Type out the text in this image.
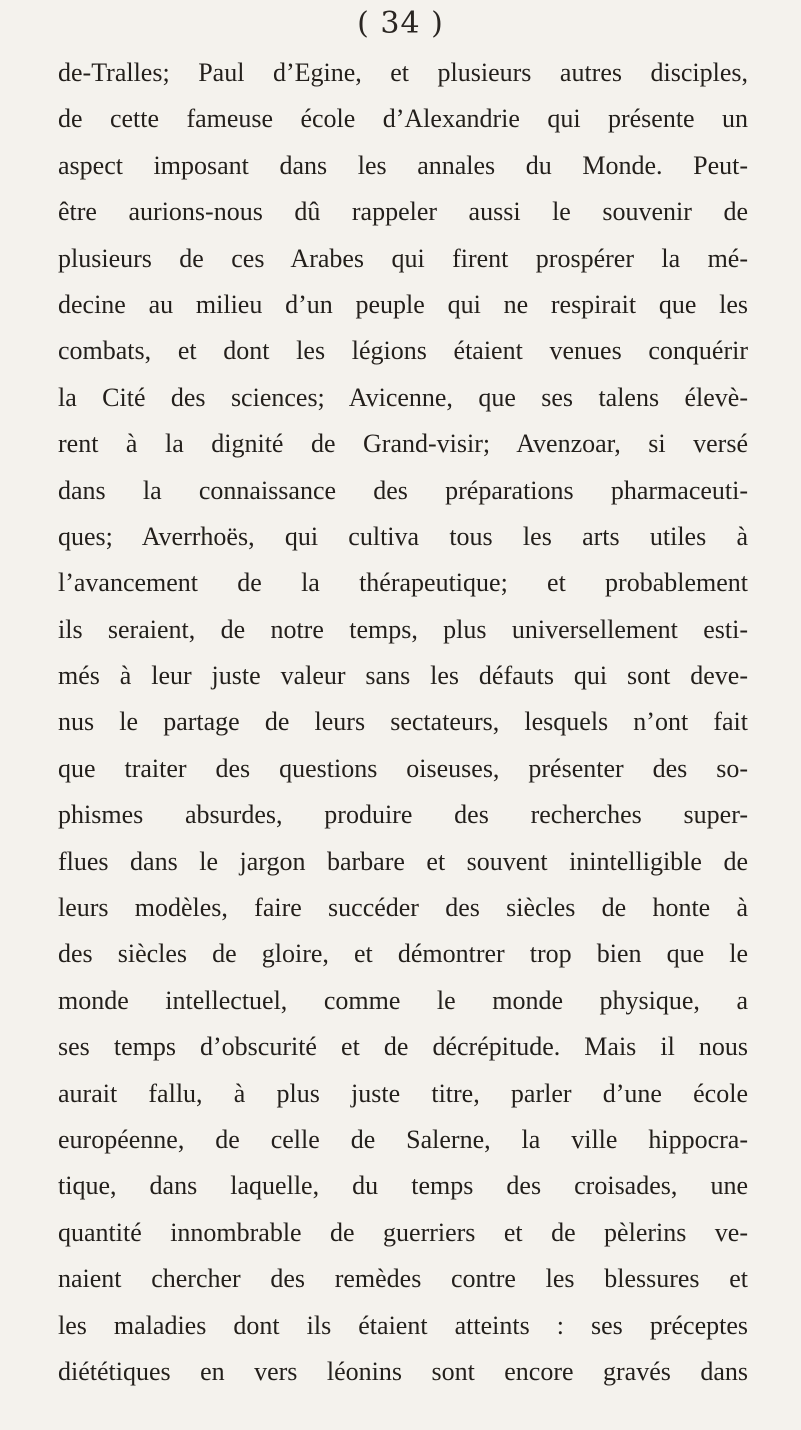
( 34 )
de-Tralles; Paul d’Egine, et plusieurs autres disciples,
de cette fameuse école d’Alexandrie qui présente un
aspect imposant dans les annales du Monde. Peut-
être aurions-nous dû rappeler aussi le souvenir de
plusieurs de ces Arabes qui firent prospérer la mé-
decine au milieu d’un peuple qui ne respirait que les
combats, et dont les légions étaient venues conquérir
la Cité des sciences; Avicenne, que ses talens élevè-
rent à la dignité de Grand-visir; Avenzoar, si versé
dans la connaissance des préparations pharmaceuti-
ques; Averrhoës, qui cultiva tous les arts utiles à
l’avancement de la thérapeutique; et probablement
ils seraient, de notre temps, plus universellement esti-
més à leur juste valeur sans les défauts qui sont deve-
nus le partage de leurs sectateurs, lesquels n’ont fait
que traiter des questions oiseuses, présenter des so-
phismes absurdes, produire des recherches super-
flues dans le jargon barbare et souvent inintelligible de
leurs modèles, faire succéder des siècles de honte à
des siècles de gloire, et démontrer trop bien que le
monde intellectuel, comme le monde physique, a
ses temps d’obscurité et de décrépitude. Mais il nous
aurait fallu, à plus juste titre, parler d’une école
européenne, de celle de Salerne, la ville hippocra-
tique, dans laquelle, du temps des croisades, une
quantité innombrable de guerriers et de pèlerins ve-
naient chercher des remèdes contre les blessures et
les maladies dont ils étaient atteints : ses préceptes
diététiques en vers léonins sont encore gravés dans
